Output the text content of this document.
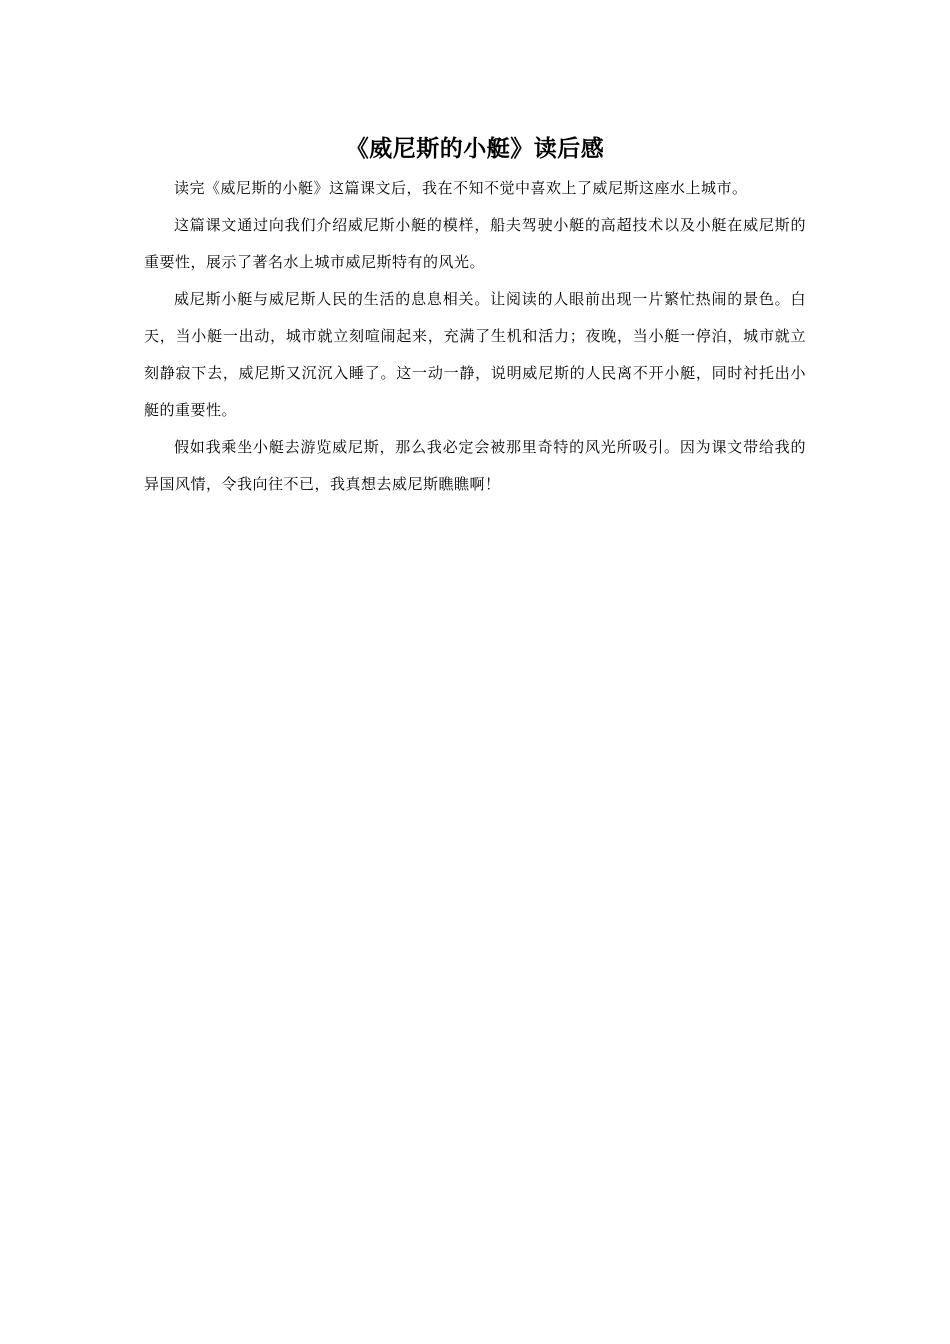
《威尼斯的小艇》读后感

读完《威尼斯的小艇》这篇课文后，我在不知不觉中喜欢上了威尼斯这座水上城市。

这篇课文通过向我们介绍威尼斯小艇的模样，船夫驾驶小艇的高超技术以及小艇在威尼斯的重要性，展示了著名水上城市威尼斯特有的风光。

威尼斯小艇与威尼斯人民的生活的息息相关。让阅读的人眼前出现一片繁忙热闹的景色。白天，当小艇一出动，城市就立刻喧闹起来，充满了生机和活力；夜晚，当小艇一停泊，城市就立刻静寂下去，威尼斯又沉沉入睡了。这一动一静，说明威尼斯的人民离不开小艇，同时衬托出小艇的重要性。

假如我乘坐小艇去游览威尼斯，那么我必定会被那里奇特的风光所吸引。因为课文带给我的异国风情，令我向往不已，我真想去威尼斯瞧瞧啊！
